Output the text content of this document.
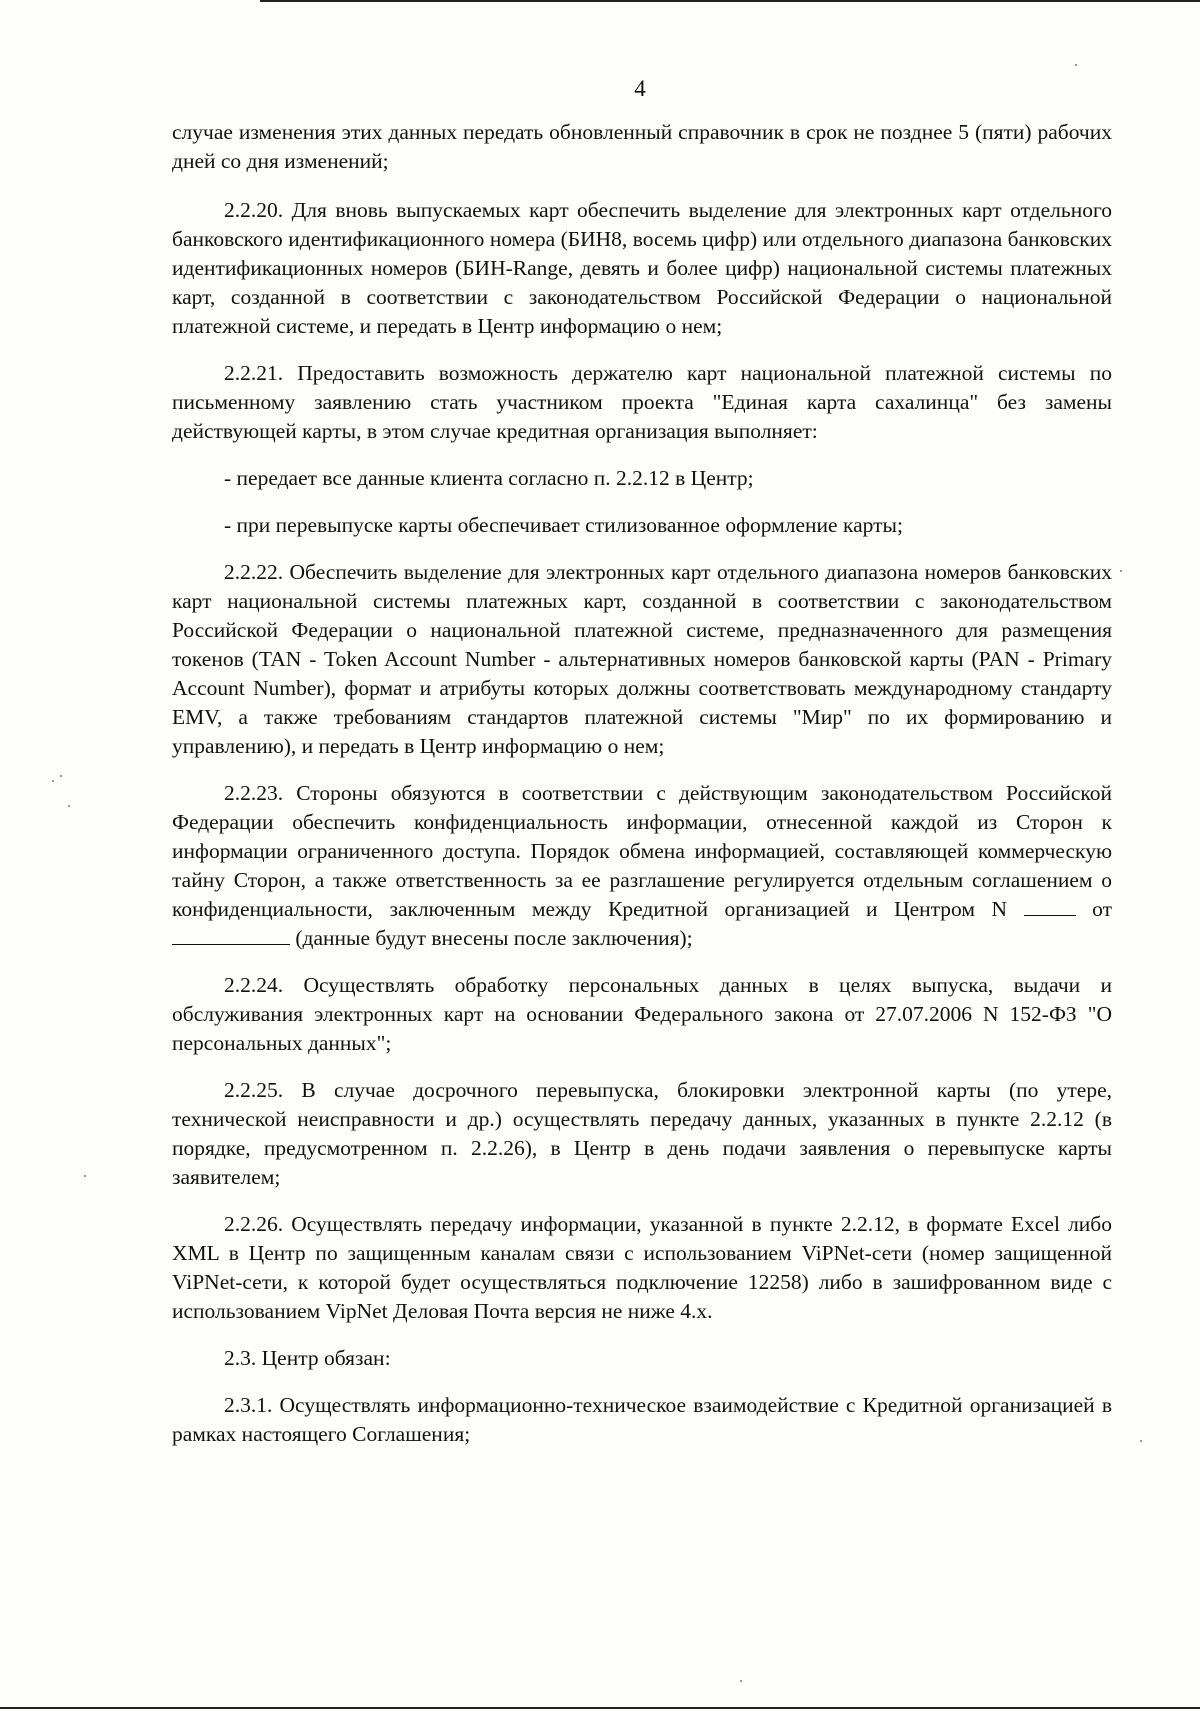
4

случае изменения этих данных передать обновленный справочник в срок не позднее 5 (пяти) рабочих дней со дня изменений;

2.2.20. Для вновь выпускаемых карт обеспечить выделение для электронных карт отдельного банковского идентификационного номера (БИН8, восемь цифр) или отдельного диапазона банковских идентификационных номеров (БИН-Range, девять и более цифр) национальной системы платежных карт, созданной в соответствии с законодательством Российской Федерации о национальной платежной системе, и передать в Центр информацию о нем;

2.2.21. Предоставить возможность держателю карт национальной платежной системы по письменному заявлению стать участником проекта "Единая карта сахалинца" без замены действующей карты, в этом случае кредитная организация выполняет:

- передает все данные клиента согласно п. 2.2.12 в Центр;

- при перевыпуске карты обеспечивает стилизованное оформление карты;

2.2.22. Обеспечить выделение для электронных карт отдельного диапазона номеров банковских карт национальной системы платежных карт, созданной в соответствии с законодательством Российской Федерации о национальной платежной системе, предназначенного для размещения токенов (TAN - Token Account Number - альтернативных номеров банковской карты (PAN - Primary Account Number), формат и атрибуты которых должны соответствовать международному стандарту EMV, а также требованиям стандартов платежной системы "Мир" по их формированию и управлению), и передать в Центр информацию о нем;

2.2.23. Стороны обязуются в соответствии с действующим законодательством Российской Федерации обеспечить конфиденциальность информации, отнесенной каждой из Сторон к информации ограниченного доступа. Порядок обмена информацией, составляющей коммерческую тайну Сторон, а также ответственность за ее разглашение регулируется отдельным соглашением о конфиденциальности, заключенным между Кредитной организацией и Центром N	от  (данные будут внесены после заключения);

2.2.24. Осуществлять обработку персональных данных в целях выпуска, выдачи и обслуживания электронных карт на основании Федерального закона от 27.07.2006 N 152-ФЗ "О персональных данных";

2.2.25. В случае досрочного перевыпуска, блокировки электронной карты (по утере, технической неисправности и др.) осуществлять передачу данных, указанных в пункте 2.2.12 (в порядке, предусмотренном п. 2.2.26), в Центр в день подачи заявления о перевыпуске карты заявителем;

2.2.26. Осуществлять передачу информации, указанной в пункте 2.2.12, в формате Excel либо XML в Центр по защищенным каналам связи с использованием ViPNet-сети (номер защищенной ViPNet-сети, к которой будет осуществляться подключение 12258) либо в зашифрованном виде с использованием VipNet Деловая Почта версия не ниже 4.х.

2.3. Центр обязан:

2.3.1. Осуществлять информационно-техническое взаимодействие с Кредитной организацией в рамках настоящего Соглашения;
